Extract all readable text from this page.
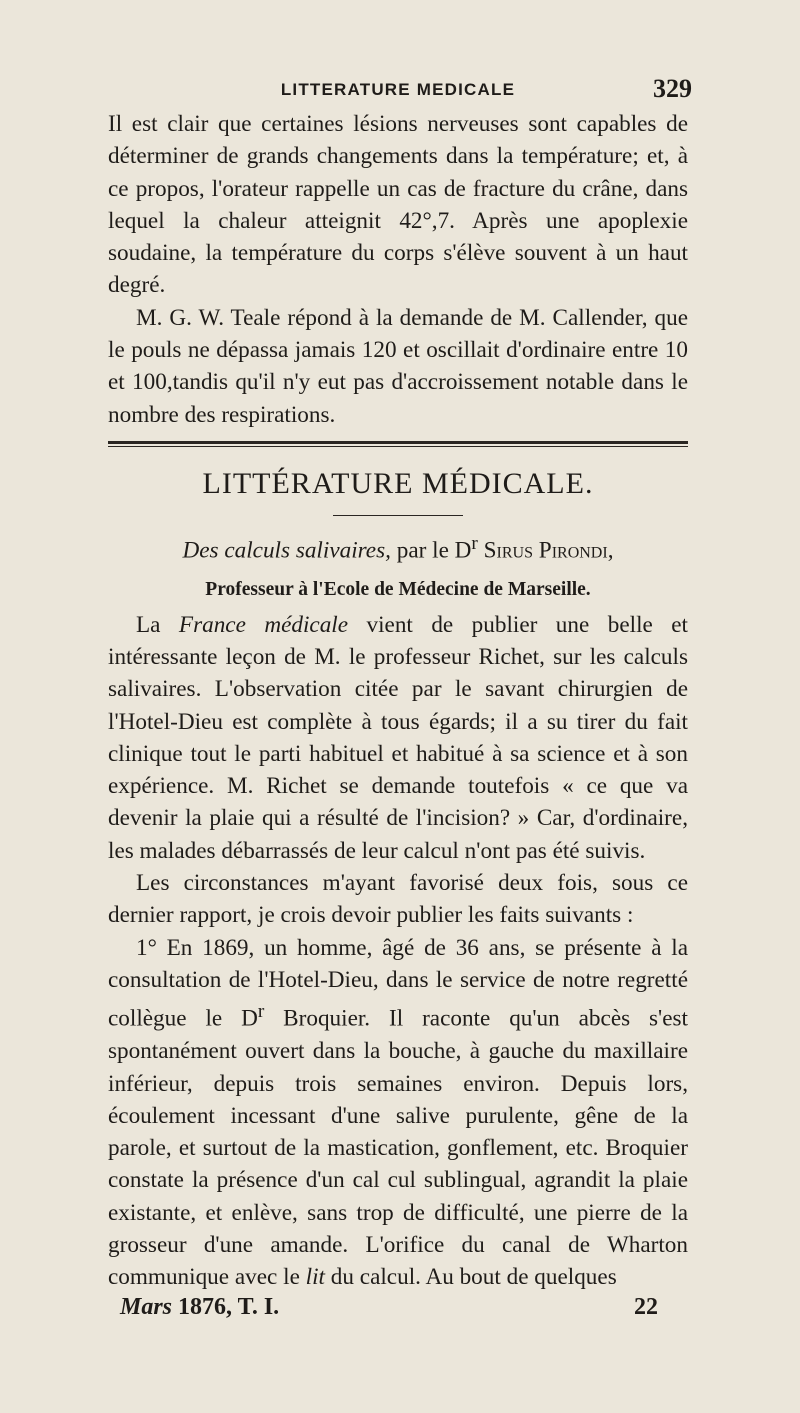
LITTERATURE MEDICALE	329

Il est clair que certaines lésions nerveuses sont capables de déterminer de grands changements dans la température; et, à ce propos, l'orateur rappelle un cas de fracture du crâne, dans lequel la chaleur atteignit 42°,7. Après une apoplexie soudaine, la température du corps s'élève souvent à un haut degré.

M. G. W. Teale répond à la demande de M. Callender, que le pouls ne dépassa jamais 120 et oscillait d'ordinaire entre 10 et 100,tandis qu'il n'y eut pas d'accroissement notable dans le nombre des respirations.

LITTÉRATURE MÉDICALE.
Des calculs salivaires, par le $D^r$ Sirus Pirondi,
Professeur à l'Ecole de Médecine de Marseille.

La France médicale vient de publier une belle et intéressante leçon de M. le professeur Richet, sur les calculs salivaires. L'observation citée par le savant chirurgien de l'Hotel-Dieu est complète à tous égards; il a su tirer du fait clinique tout le parti habituel et habitué à sa science et à son expérience. M. Richet se demande toutefois « ce que va devenir la plaie qui a résulté de l'incision? » Car, d'ordinaire, les malades débarrassés de leur calcul n'ont pas été suivis.

Les circonstances m'ayant favorisé deux fois, sous ce dernier rapport, je crois devoir publier les faits suivants :

1° En 1869, un homme, âgé de 36 ans, se présente à la consultation de l'Hotel-Dieu, dans le service de notre regretté collègue le $D^r$ Broquier. Il raconte qu'un abcès s'est spontanément ouvert dans la bouche, à gauche du maxillaire inférieur, depuis trois semaines environ. Depuis lors, écoulement incessant d'une salive purulente, gêne de la parole, et surtout de la mastication, gonflement, etc. Broquier constate la présence d'un cal cul sublingual, agrandit la plaie existante, et enlève, sans trop de difficulté, une pierre de la grosseur d'une amande. L'orifice du canal de Wharton communique avec le lit du calcul. Au bout de quelques

Mars 1876, T. I.	22
